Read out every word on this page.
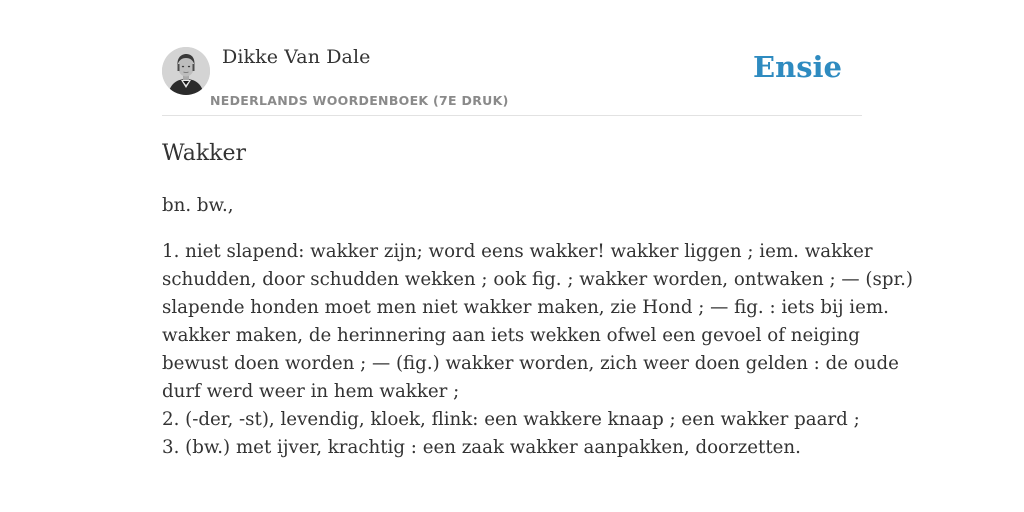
Dikke Van Dale
NEDERLANDS WOORDENBOEK (7E DRUK)
Ensie
Wakker
bn. bw.,
1. niet slapend: wakker zijn; word eens wakker! wakker liggen ; iem. wakker
schudden, door schudden wekken ; ook fig. ; wakker worden, ontwaken ; — (spr.)
slapende honden moet men niet wakker maken, zie Hond ; — fig. : iets bij iem.
wakker maken, de herinnering aan iets wekken ofwel een gevoel of neiging
bewust doen worden ; — (fig.) wakker worden, zich weer doen gelden : de oude
durf werd weer in hem wakker ;
2. (-der, -st), levendig, kloek, flink: een wakkere knaap ; een wakker paard ;
3. (bw.) met ijver, krachtig : een zaak wakker aanpakken, doorzetten.
